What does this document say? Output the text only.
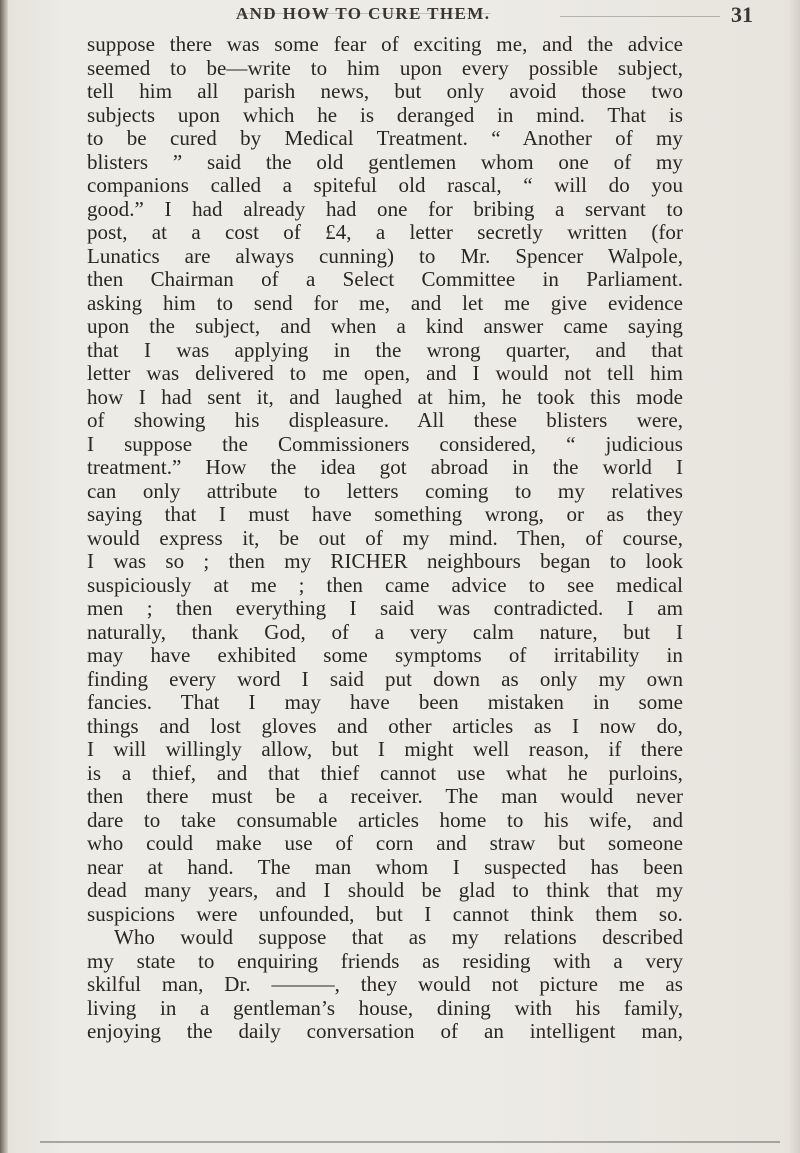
AND HOW TO CURE THEM.	31
suppose there was some fear of exciting me, and the advice
seemed to be—write to him upon every possible subject,
tell him all parish news, but only avoid those two
subjects upon which he is deranged in mind. That is
to be cured by Medical Treatment. “ Another of my
blisters ” said the old gentlemen whom one of my
companions called a spiteful old rascal, “ will do you
good.” I had already had one for bribing a servant to
post, at a cost of £4, a letter secretly written (for
Lunatics are always cunning) to Mr. Spencer Walpole,
then Chairman of a Select Committee in Parliament.
asking him to send for me, and let me give evidence
upon the subject, and when a kind answer came saying
that I was applying in the wrong quarter, and that
letter was delivered to me open, and I would not tell him
how I had sent it, and laughed at him, he took this mode
of showing his displeasure. All these blisters were,
I suppose the Commissioners considered, “ judicious
treatment.” How the idea got abroad in the world I
can only attribute to letters coming to my relatives
saying that I must have something wrong, or as they
would express it, be out of my mind. Then, of course,
I was so ; then my RICHER neighbours began to look
suspiciously at me ; then came advice to see medical
men ; then everything I said was contradicted. I am
naturally, thank God, of a very calm nature, but I
may have exhibited some symptoms of irritability in
finding every word I said put down as only my own
fancies. That I may have been mistaken in some
things and lost gloves and other articles as I now do,
I will willingly allow, but I might well reason, if there
is a thief, and that thief cannot use what he purloins,
then there must be a receiver. The man would never
dare to take consumable articles home to his wife, and
who could make use of corn and straw but someone
near at hand. The man whom I suspected has been
dead many years, and I should be glad to think that my
suspicions were unfounded, but I cannot think them so.
Who would suppose that as my relations described
my state to enquiring friends as residing with a very
skilful man, Dr. ———, they would not picture me as
living in a gentleman’s house, dining with his family,
enjoying the daily conversation of an intelligent man,
